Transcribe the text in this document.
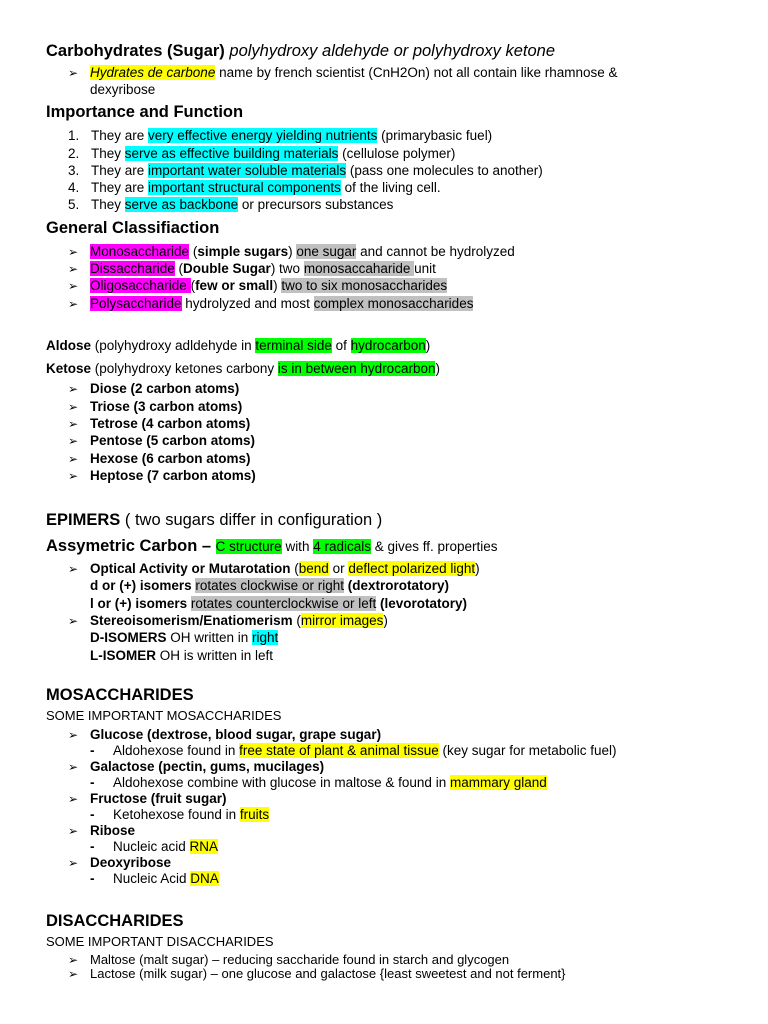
Carbohydrates (Sugar) polyhydroxy aldehyde or polyhydroxy ketone
➢ Hydrates de carbone name by french scientist (CnH2On) not all contain like rhamnose &
dexyribose
Importance and Function
1. They are very effective energy yielding nutrients (primarybasic fuel)
2. They serve as effective building materials (cellulose polymer)
3. They are important water soluble materials (pass one molecules to another)
4. They are important structural components of the living cell.
5. They serve as backbone or precursors substances
General Classifiaction
➢ Monosaccharide (simple sugars) one sugar and cannot be hydrolyzed
➢ Dissaccharide (Double Sugar) two monosaccaharide unit
➢ Oligosaccharide (few or small) two to six monosaccharides
➢ Polysaccharide hydrolyzed and most complex monosaccharides
Aldose (polyhydroxy adldehyde in terminal side of hydrocarbon)
Ketose (polyhydroxy ketones carbony is in between hydrocarbon)
➢ Diose (2 carbon atoms)
➢ Triose (3 carbon atoms)
➢ Tetrose (4 carbon atoms)
➢ Pentose (5 carbon atoms)
➢ Hexose (6 carbon atoms)
➢ Heptose (7 carbon atoms)
EPIMERS ( two sugars differ in configuration )
Assymetric Carbon – C structure with 4 radicals & gives ff. properties
➢ Optical Activity or Mutarotation (bend or deflect polarized light)
d or (+) isomers rotates clockwise or right (dextrorotatory)
l or (+) isomers rotates counterclockwise or left (levorotatory)
➢ Stereoisomerism/Enatiomerism (mirror images)
D-ISOMERS OH written in right
L-ISOMER OH is written in left
MOSACCHARIDES
SOME IMPORTANT MOSACCHARIDES
➢ Glucose (dextrose, blood sugar, grape sugar)
- Aldohexose found in free state of plant & animal tissue (key sugar for metabolic fuel)
➢ Galactose (pectin, gums, mucilages)
- Aldohexose combine with glucose in maltose & found in mammary gland
➢ Fructose (fruit sugar)
- Ketohexose found in fruits
➢ Ribose
- Nucleic acid RNA
➢ Deoxyribose
- Nucleic Acid DNA
DISACCHARIDES
SOME IMPORTANT DISACCHARIDES
➢ Maltose (malt sugar) – reducing saccharide found in starch and glycogen
➢ Lactose (milk sugar) – one glucose and galactose {least sweetest and not ferment}
